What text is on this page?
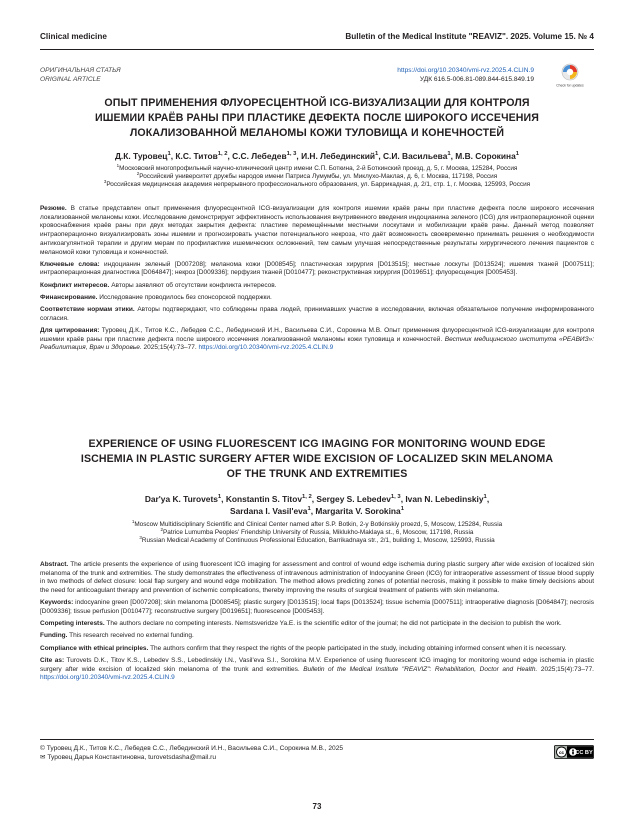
Clinical medicine	Bulletin of the Medical Institute "REAVIZ". 2025. Volume 15. № 4
ОРИГИНАЛЬНАЯ СТАТЬЯ
ORIGINAL ARTICLE
https://doi.org/10.20340/vmi-rvz.2025.4.CLIN.9
УДК 616.5-006.81-089.844-615.849.19
Check for updates
ОПЫТ ПРИМЕНЕНИЯ ФЛУОРЕСЦЕНТНОЙ ICG-ВИЗУАЛИЗАЦИИ ДЛЯ КОНТРОЛЯ
ИШЕМИИ КРАЁВ РАНЫ ПРИ ПЛАСТИКЕ ДЕФЕКТА ПОСЛЕ ШИРОКОГО ИССЕЧЕНИЯ
ЛОКАЛИЗОВАННОЙ МЕЛАНОМЫ КОЖИ ТУЛОВИЩА И КОНЕЧНОСТЕЙ
Д.К. Туровец$^1$, К.С. Титов$^{1, 2}$, С.С. Лебедев$^{1, 3}$, И.Н. Лебединский$^1$, С.И. Васильева$^1$, М.В. Сорокина$^1$
$^1$Московский многопрофильный научно-клинический центр имени С.П. Боткина, 2-й Боткинский проезд, д. 5, г. Москва, 125284, Россия
$^2$Российский университет дружбы народов имени Патриса Лумумбы, ул. Миклухо-Маклая, д. 6, г. Москва, 117198, Россия
$^3$Российская медицинская академия непрерывного профессионального образования, ул. Баррикадная, д. 2/1, стр. 1, г. Москва, 125993, Россия

Резюме. В статье представлен опыт применения флуоресцентной ICG-визуализации для контроля ишемии краёв раны при пластике дефекта после широкого иссечения локализованной меланомы кожи. Исследование демонстрирует эффективность использования внутривенного введения индоцианина зеленого (ICG) для интраоперационной оценки кровоснабжения краёв раны при двух методах закрытия дефекта: пластике перемещёнными местными лоскутами и мобилизации краёв раны. Данный метод позволяет интраоперационно визуализировать зоны ишемии и прогнозировать участки потенциального некроза, что даёт возможность своевременно принимать решения о необходимости антикоагулянтной терапии и другим мерам по профилактике ишемических осложнений, тем самым улучшая непосредственные результаты хирургического лечения пациентов с меланомой кожи туловища и конечностей.

Ключевые слова: индоцианин зеленый [D007208]; меланома кожи [D008545]; пластическая хирургия [D013515]; местные лоскуты [D013524]; ишемия тканей [D007511]; интраоперационная диагностика [D064847]; некроз [D009336]; перфузия тканей [D010477]; реконструктивная хирургия [D019651]; флуоресценция [D005453].

Конфликт интересов. Авторы заявляют об отсутствии конфликта интересов.

Финансирование. Исследование проводилось без спонсорской поддержки.

Соответствие нормам этики. Авторы подтверждают, что соблюдены права людей, принимавших участие в исследовании, включая обязательное получение информированного согласия.

Для цитирования: Туровец Д.К., Титов К.С., Лебедев С.С., Лебединский И.Н., Васильева С.И., Сорокина М.В. Опыт применения флуоресцентной ICG-визуализации для контроля ишемии краёв раны при пластике дефекта после широкого иссечения локализованной меланомы кожи туловища и конечностей. Вестник медицинского института «РЕАВИЗ»: Реабилитация, Врач и Здоровье. 2025;15(4):73–77. https://doi.org/10.20340/vmi-rvz.2025.4.CLIN.9

EXPERIENCE OF USING FLUORESCENT ICG IMAGING FOR MONITORING WOUND EDGE
ISCHEMIA IN PLASTIC SURGERY AFTER WIDE EXCISION OF LOCALIZED SKIN MELANOMA
OF THE TRUNK AND EXTREMITIES
Dar'ya K. Turovets$^1$, Konstantin S. Titov$^{1, 2}$, Sergey S. Lebedev$^{1, 3}$, Ivan N. Lebedinskiy$^1$,
Sardana I. Vasil'eva$^1$, Margarita V. Sorokina$^1$
$^1$Moscow Multidisciplinary Scientific and Clinical Center named after S.P. Botkin, 2-y Botkinskiy proezd, 5, Moscow, 125284, Russia
$^2$Patrice Lumumba Peoples' Friendship University of Russia, Miklukho-Maklaya st., 6, Moscow, 117198, Russia
$^3$Russian Medical Academy of Continuous Professional Education, Barrikadnaya str., 2/1, building 1, Moscow, 125993, Russia

Abstract. The article presents the experience of using fluorescent ICG imaging for assessment and control of wound edge ischemia during plastic surgery after wide excision of localized skin melanoma of the trunk and extremities. The study demonstrates the effectiveness of intravenous administration of Indocyanine Green (ICG) for intraoperative assessment of tissue blood supply in two methods of defect closure: local flap surgery and wound edge mobilization. The method allows predicting zones of potential necrosis, making it possible to make timely decisions about the need for anticoagulant therapy and prevention of ischemic complications, thereby improving the results of surgical treatment of patients with skin melanoma.

Keywords: indocyanine green [D007208]; skin melanoma [D008545]; plastic surgery [D013515]; local flaps [D013524]; tissue ischemia [D007511]; intraoperative diagnosis [D064847]; necrosis [D009336]; tissue perfusion [D010477]; reconstructive surgery [D019651]; fluorescence [D005453].

Competing interests. The authors declare no competing interests. Nemstsveridze Ya.E. is the scientific editor of the journal; he did not participate in the decision to publish the work.

Funding. This research received no external funding.

Compliance with ethical principles. The authors confirm that they respect the rights of the people participated in the study, including obtaining informed consent when it is necessary.

Cite as: Turovets D.K., Titov K.S., Lebedev S.S., Lebedinskiy I.N., Vasil'eva S.I., Sorokina M.V. Experience of using fluorescent ICG imaging for monitoring wound edge ischemia in plastic surgery after wide excision of localized skin melanoma of the trunk and extremities. Bulletin of the Medical Institute "REAVIZ": Rehabilitation, Doctor and Health. 2025;15(4):73–77. https://doi.org/10.20340/vmi-rvz.2025.4.CLIN.9

© Туровец Д.К., Титов К.С., Лебедев С.С., Лебединский И.Н., Васильева С.И., Сорокина М.В., 2025
✉ Туровец Дарья Константиновна, turovetsdasha@mail.ru
cc CC BY
73
